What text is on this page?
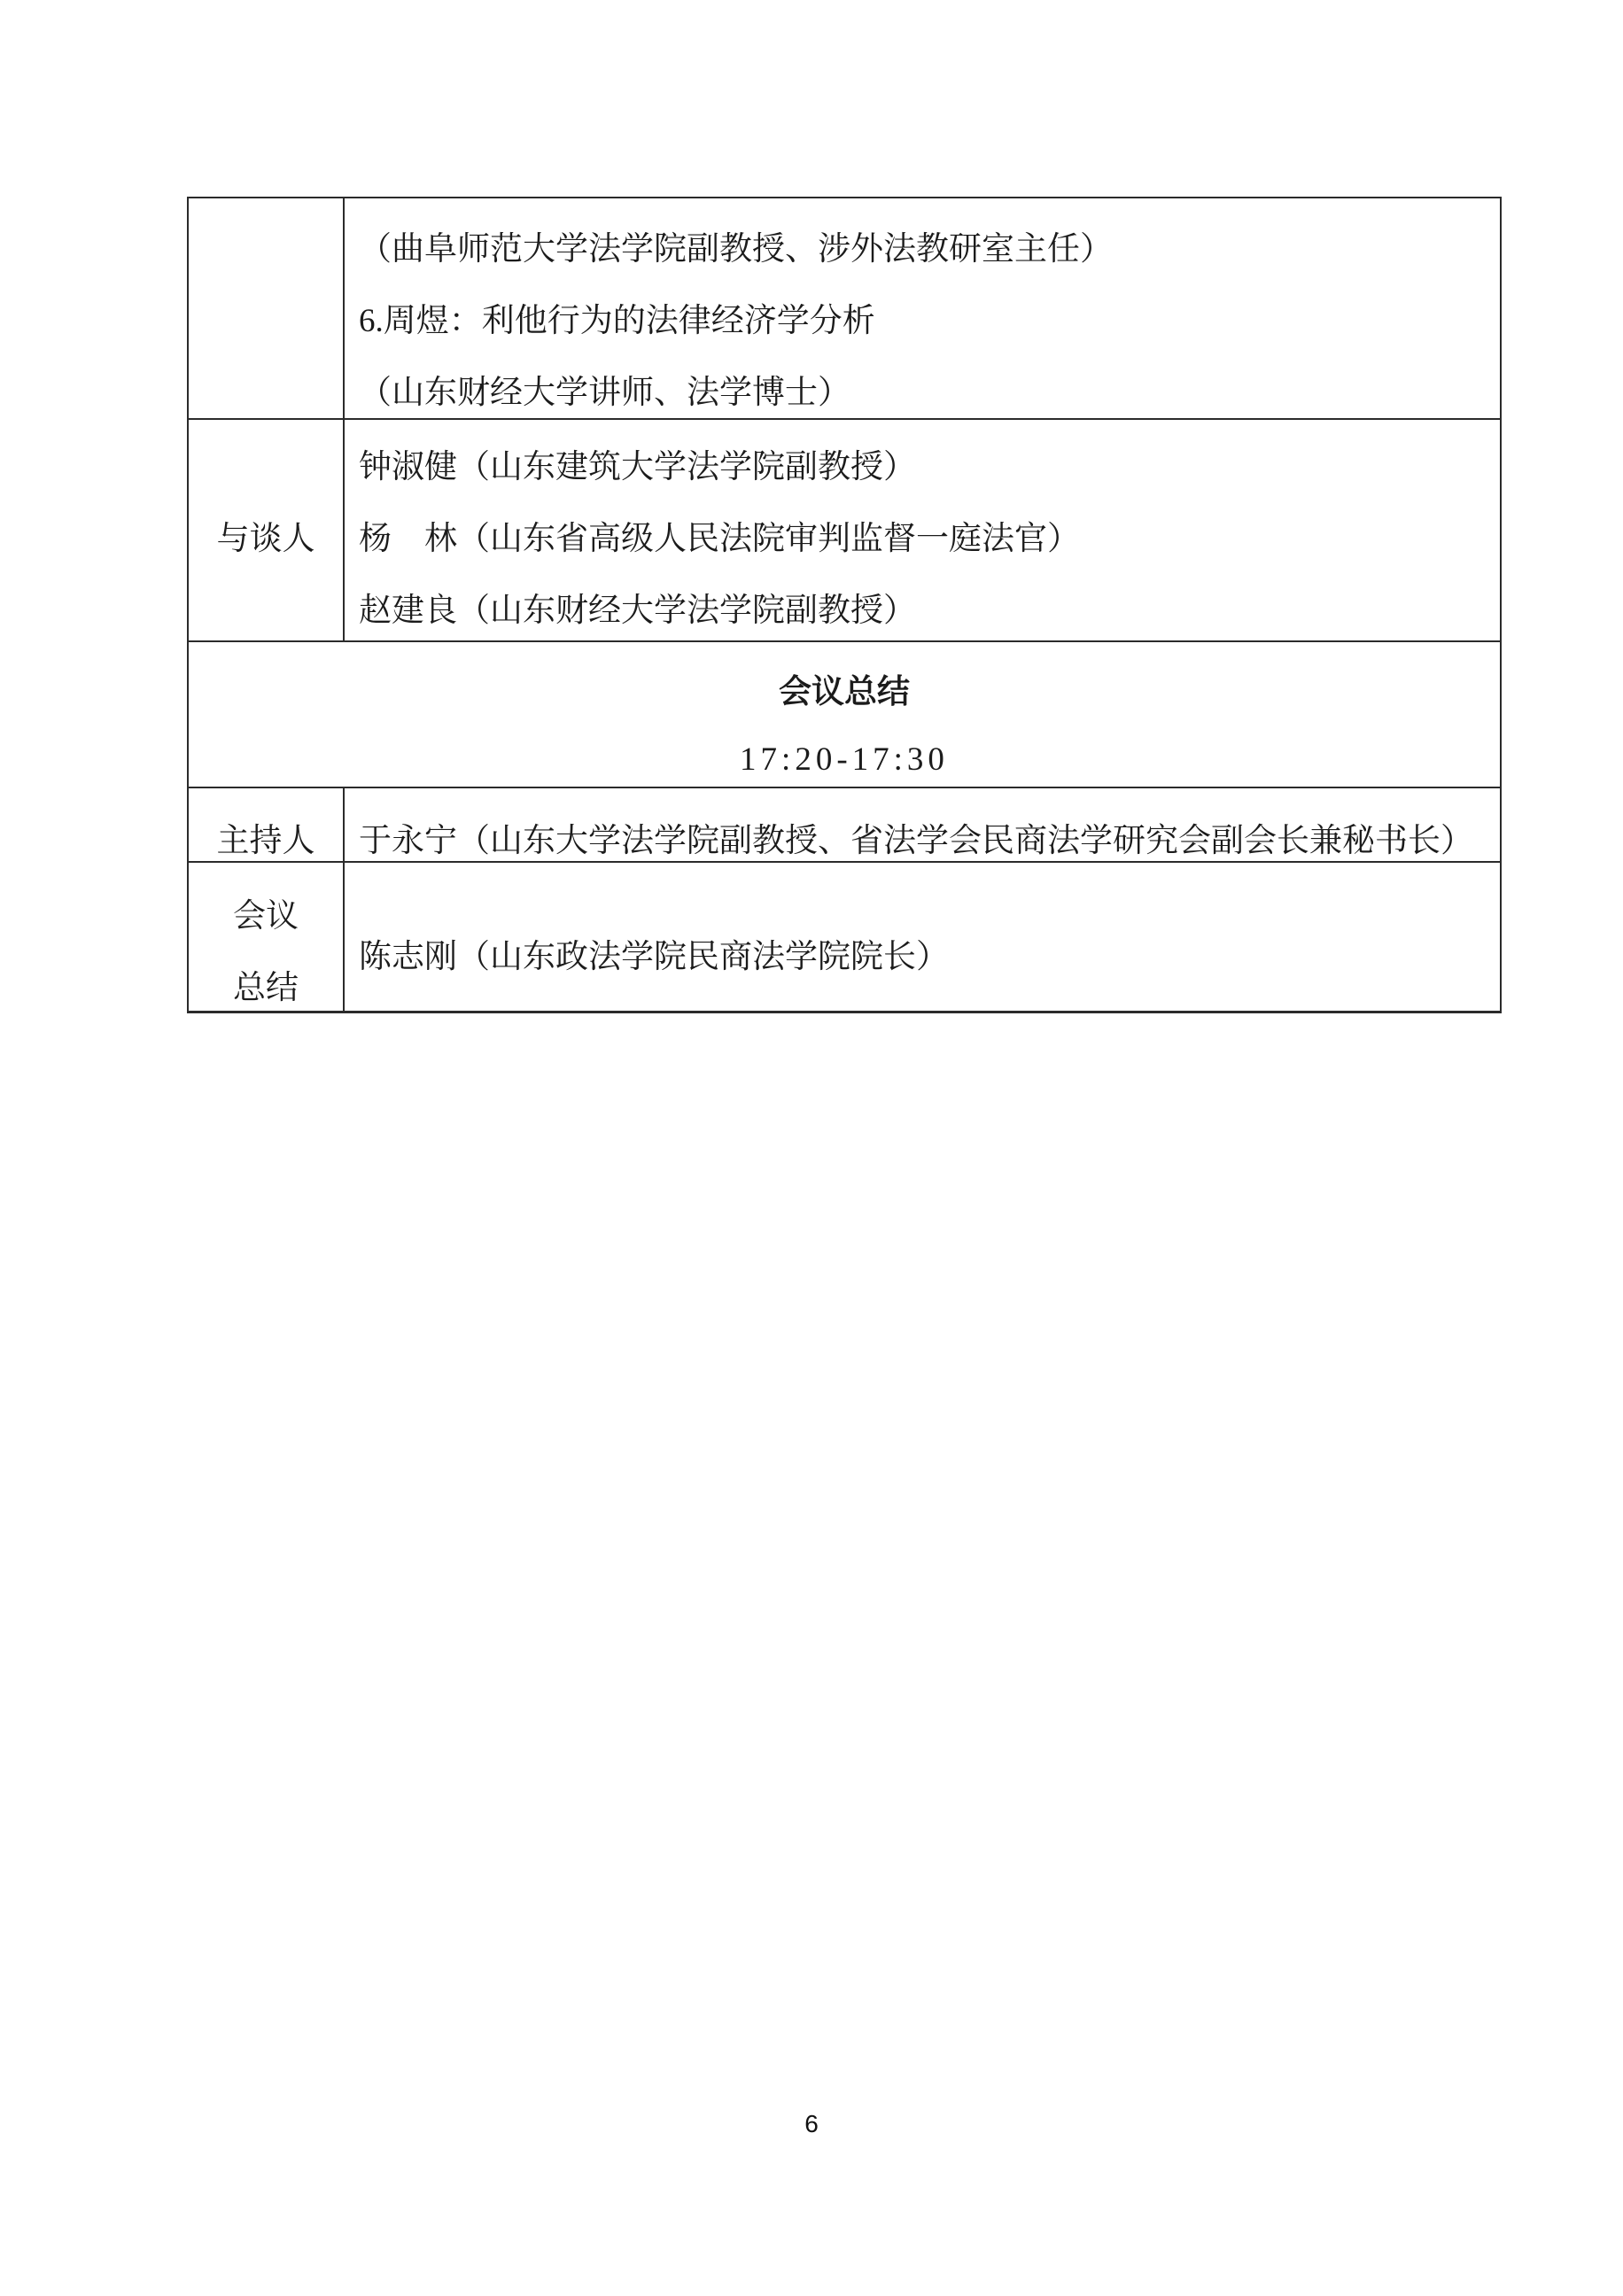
（曲阜师范大学法学院副教授、涉外法教研室主任）
6.周煜：利他行为的法律经济学分析
（山东财经大学讲师、法学博士）
与谈人
钟淑健（山东建筑大学法学院副教授）
杨　林（山东省高级人民法院审判监督一庭法官）
赵建良（山东财经大学法学院副教授）
会议总结
17:20-17:30
主持人	于永宁（山东大学法学院副教授、省法学会民商法学研究会副会长兼秘书长）
会议
总结
陈志刚（山东政法学院民商法学院院长）
6
